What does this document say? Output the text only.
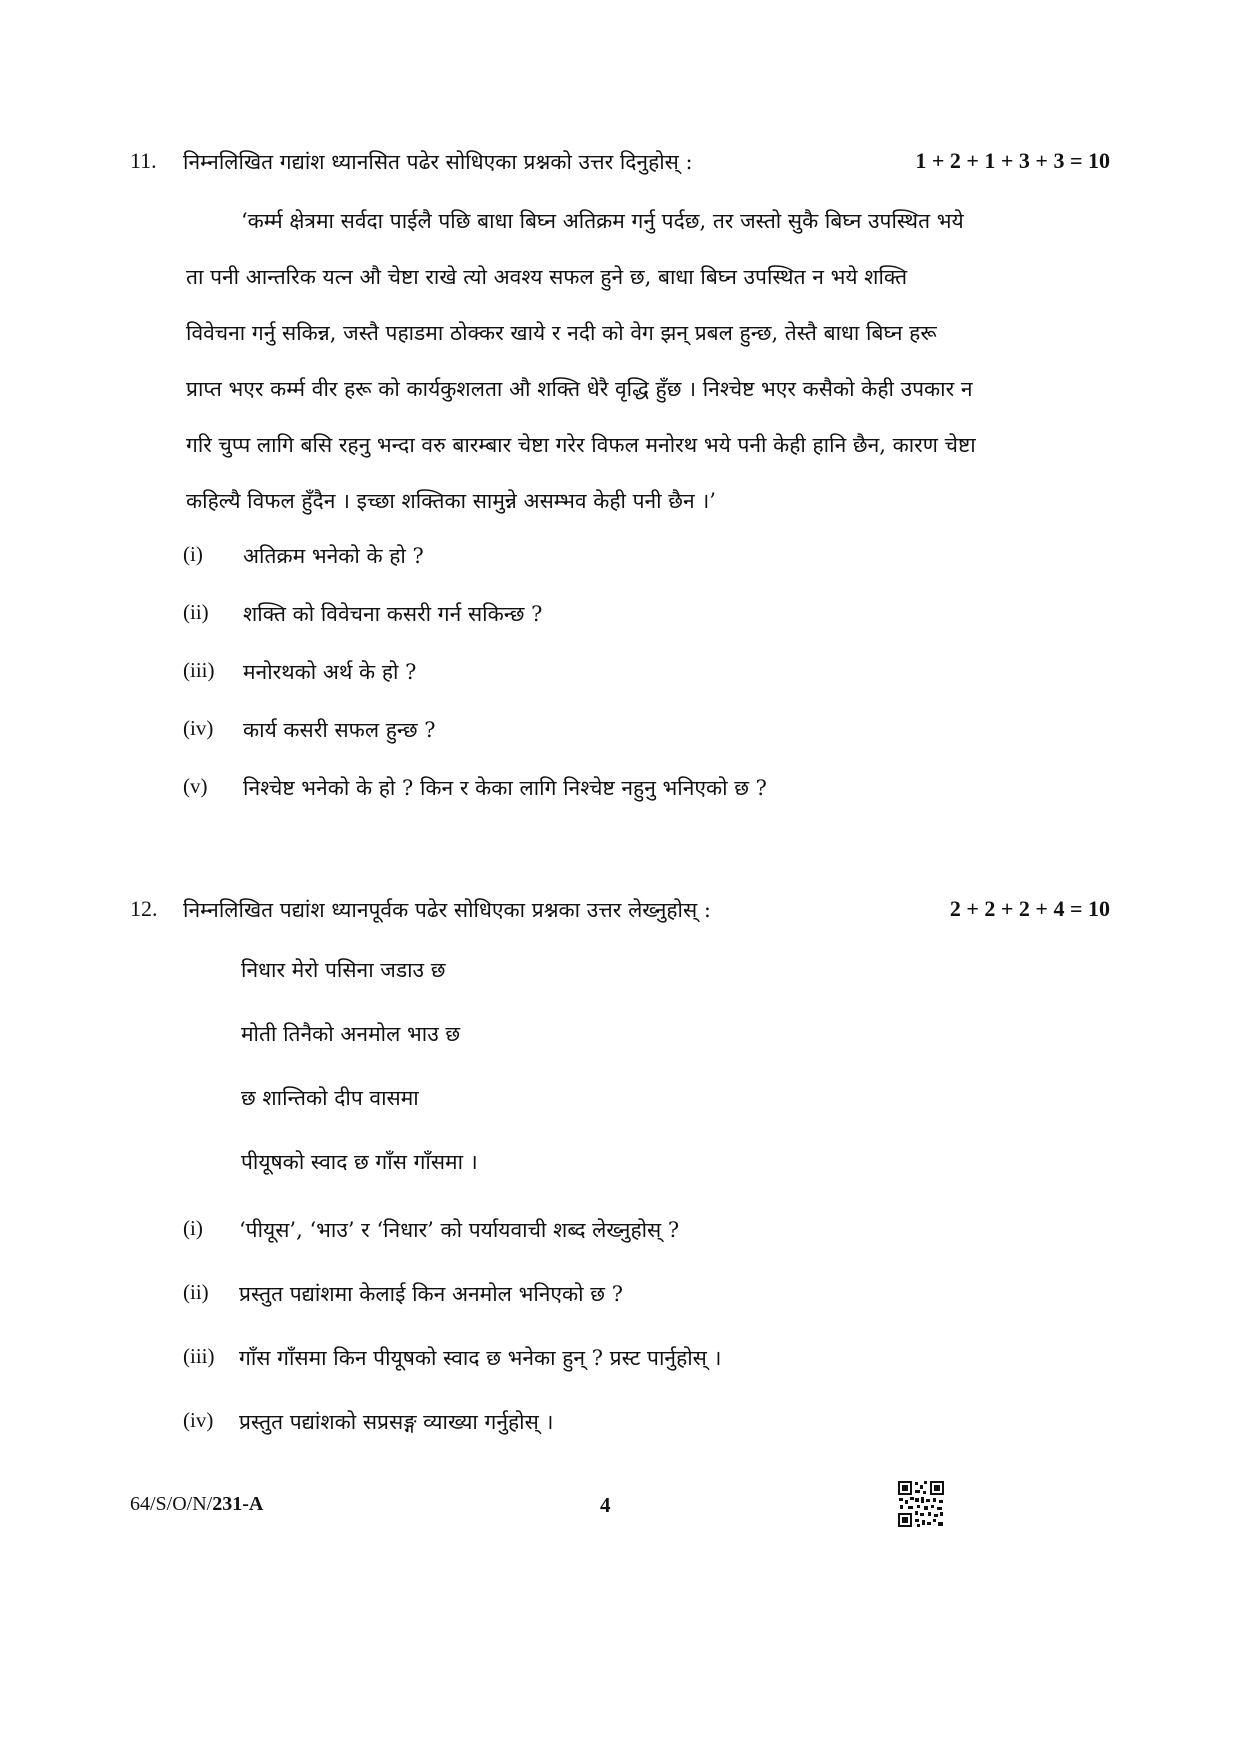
11. निम्नलिखित गद्यांश ध्यानसित पढेर सोधिएका प्रश्नको उत्तर दिनुहोस् :	1 + 2 + 1 + 3 + 3 = 10
‘कर्म्म क्षेत्रमा सर्वदा पाईलै पछि बाधा बिघ्न अतिक्रम गर्नु पर्दछ, तर जस्तो सुकै बिघ्न उपस्थित भये
ता पनी आन्तरिक यत्न औ चेष्टा राखे त्यो अवश्य सफल हुने छ, बाधा बिघ्न उपस्थित न भये शक्ति
विवेचना गर्नु सकिन्न, जस्तै पहाडमा ठोक्कर खाये र नदी को वेग झन् प्रबल हुन्छ, तेस्तै बाधा बिघ्न हरू
प्राप्त भएर कर्म्म वीर हरू को कार्यकुशलता औ शक्ति धेरै वृद्धि हुँछ । निश्‍चेष्ट भएर कसैको केही उपकार न
गरि चुप्प लागि बसि रहनु भन्दा वरु बारम्बार चेष्टा गरेर विफल मनोरथ भये पनी केही हानि छैन, कारण चेष्टा
कहिल्यै विफल हुँदैन । इच्छा शक्तिका सामुन्ने असम्भव केही पनी छैन ।’
(i) अतिक्रम भनेको के हो ?
(ii) शक्ति को विवेचना कसरी गर्न सकिन्छ ?
(iii) मनोरथको अर्थ के हो ?
(iv) कार्य कसरी सफल हुन्छ ?
(v) निश्चेष्ट भनेको के हो ? किन र केका लागि निश्चेष्ट नहुनु भनिएको छ ?
12. निम्नलिखित पद्यांश ध्यानपूर्वक पढेर सोधिएका प्रश्नका उत्तर लेख्नुहोस् :	2 + 2 + 2 + 4 = 10
निधार मेरो पसिना जडाउ छ
मोती तिनैको अनमोल भाउ छ
छ शान्तिको दीप वासमा
पीयूषको स्वाद छ गाँस गाँसमा ।
(i) ‘पीयूस’, ‘भाउ’ र ‘निधार’ को पर्यायवाची शब्द लेख्नुहोस् ?
(ii) प्रस्तुत पद्यांशमा केलाई किन अनमोल भनिएको छ ?
(iii) गाँस गाँसमा किन पीयूषको स्वाद छ भनेका हुन् ? प्रस्ट पार्नुहोस् ।
(iv) प्रस्तुत पद्यांशको सप्रसङ्ग व्याख्या गर्नुहोस् ।
64/S/O/N/231-A	4
